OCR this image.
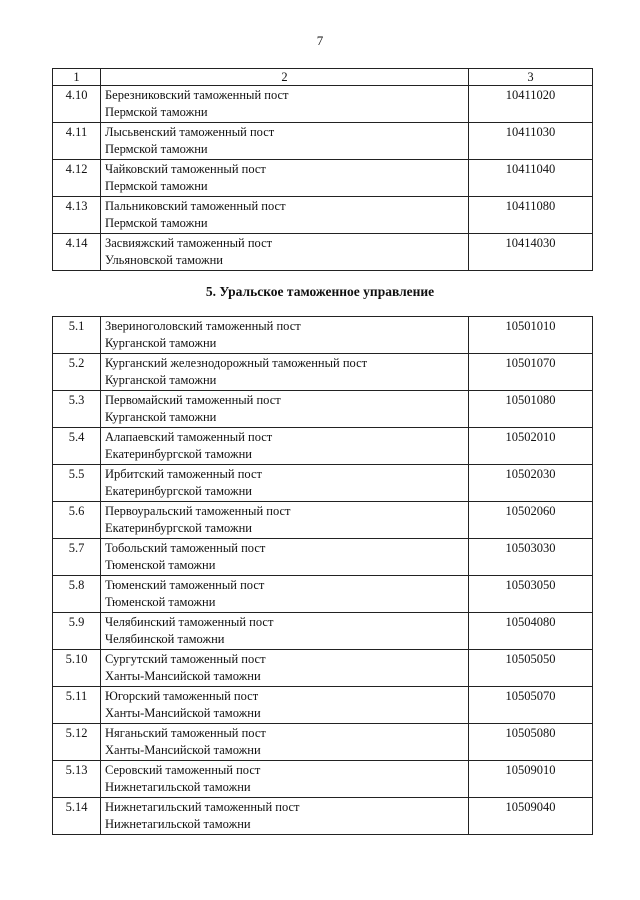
7
1	2	3
4.10	Березниковский таможенный пост
Пермской таможни	10411020
4.11	Лысьвенский таможенный пост
Пермской таможни	10411030
4.12	Чайковский таможенный пост
Пермской таможни	10411040
4.13	Пальниковский таможенный пост
Пермской таможни	10411080
4.14	Засвияжский таможенный пост
Ульяновской таможни	10414030
5. Уральское таможенное управление
5.1	Звериноголовский таможенный пост
Курганской таможни	10501010
5.2	Курганский железнодорожный таможенный пост
Курганской таможни	10501070
5.3	Первомайский таможенный пост
Курганской таможни	10501080
5.4	Алапаевский таможенный пост
Екатеринбургской таможни	10502010
5.5	Ирбитский таможенный пост
Екатеринбургской таможни	10502030
5.6	Первоуральский таможенный пост
Екатеринбургской таможни	10502060
5.7	Тобольский таможенный пост
Тюменской таможни	10503030
5.8	Тюменский таможенный пост
Тюменской таможни	10503050
5.9	Челябинский таможенный пост
Челябинской таможни	10504080
5.10	Сургутский таможенный пост
Ханты-Мансийской таможни	10505050
5.11	Югорский таможенный пост
Ханты-Мансийской таможни	10505070
5.12	Няганьский таможенный пост
Ханты-Мансийской таможни	10505080
5.13	Серовский таможенный пост
Нижнетагильской таможни	10509010
5.14	Нижнетагильский таможенный пост
Нижнетагильской таможни	10509040
